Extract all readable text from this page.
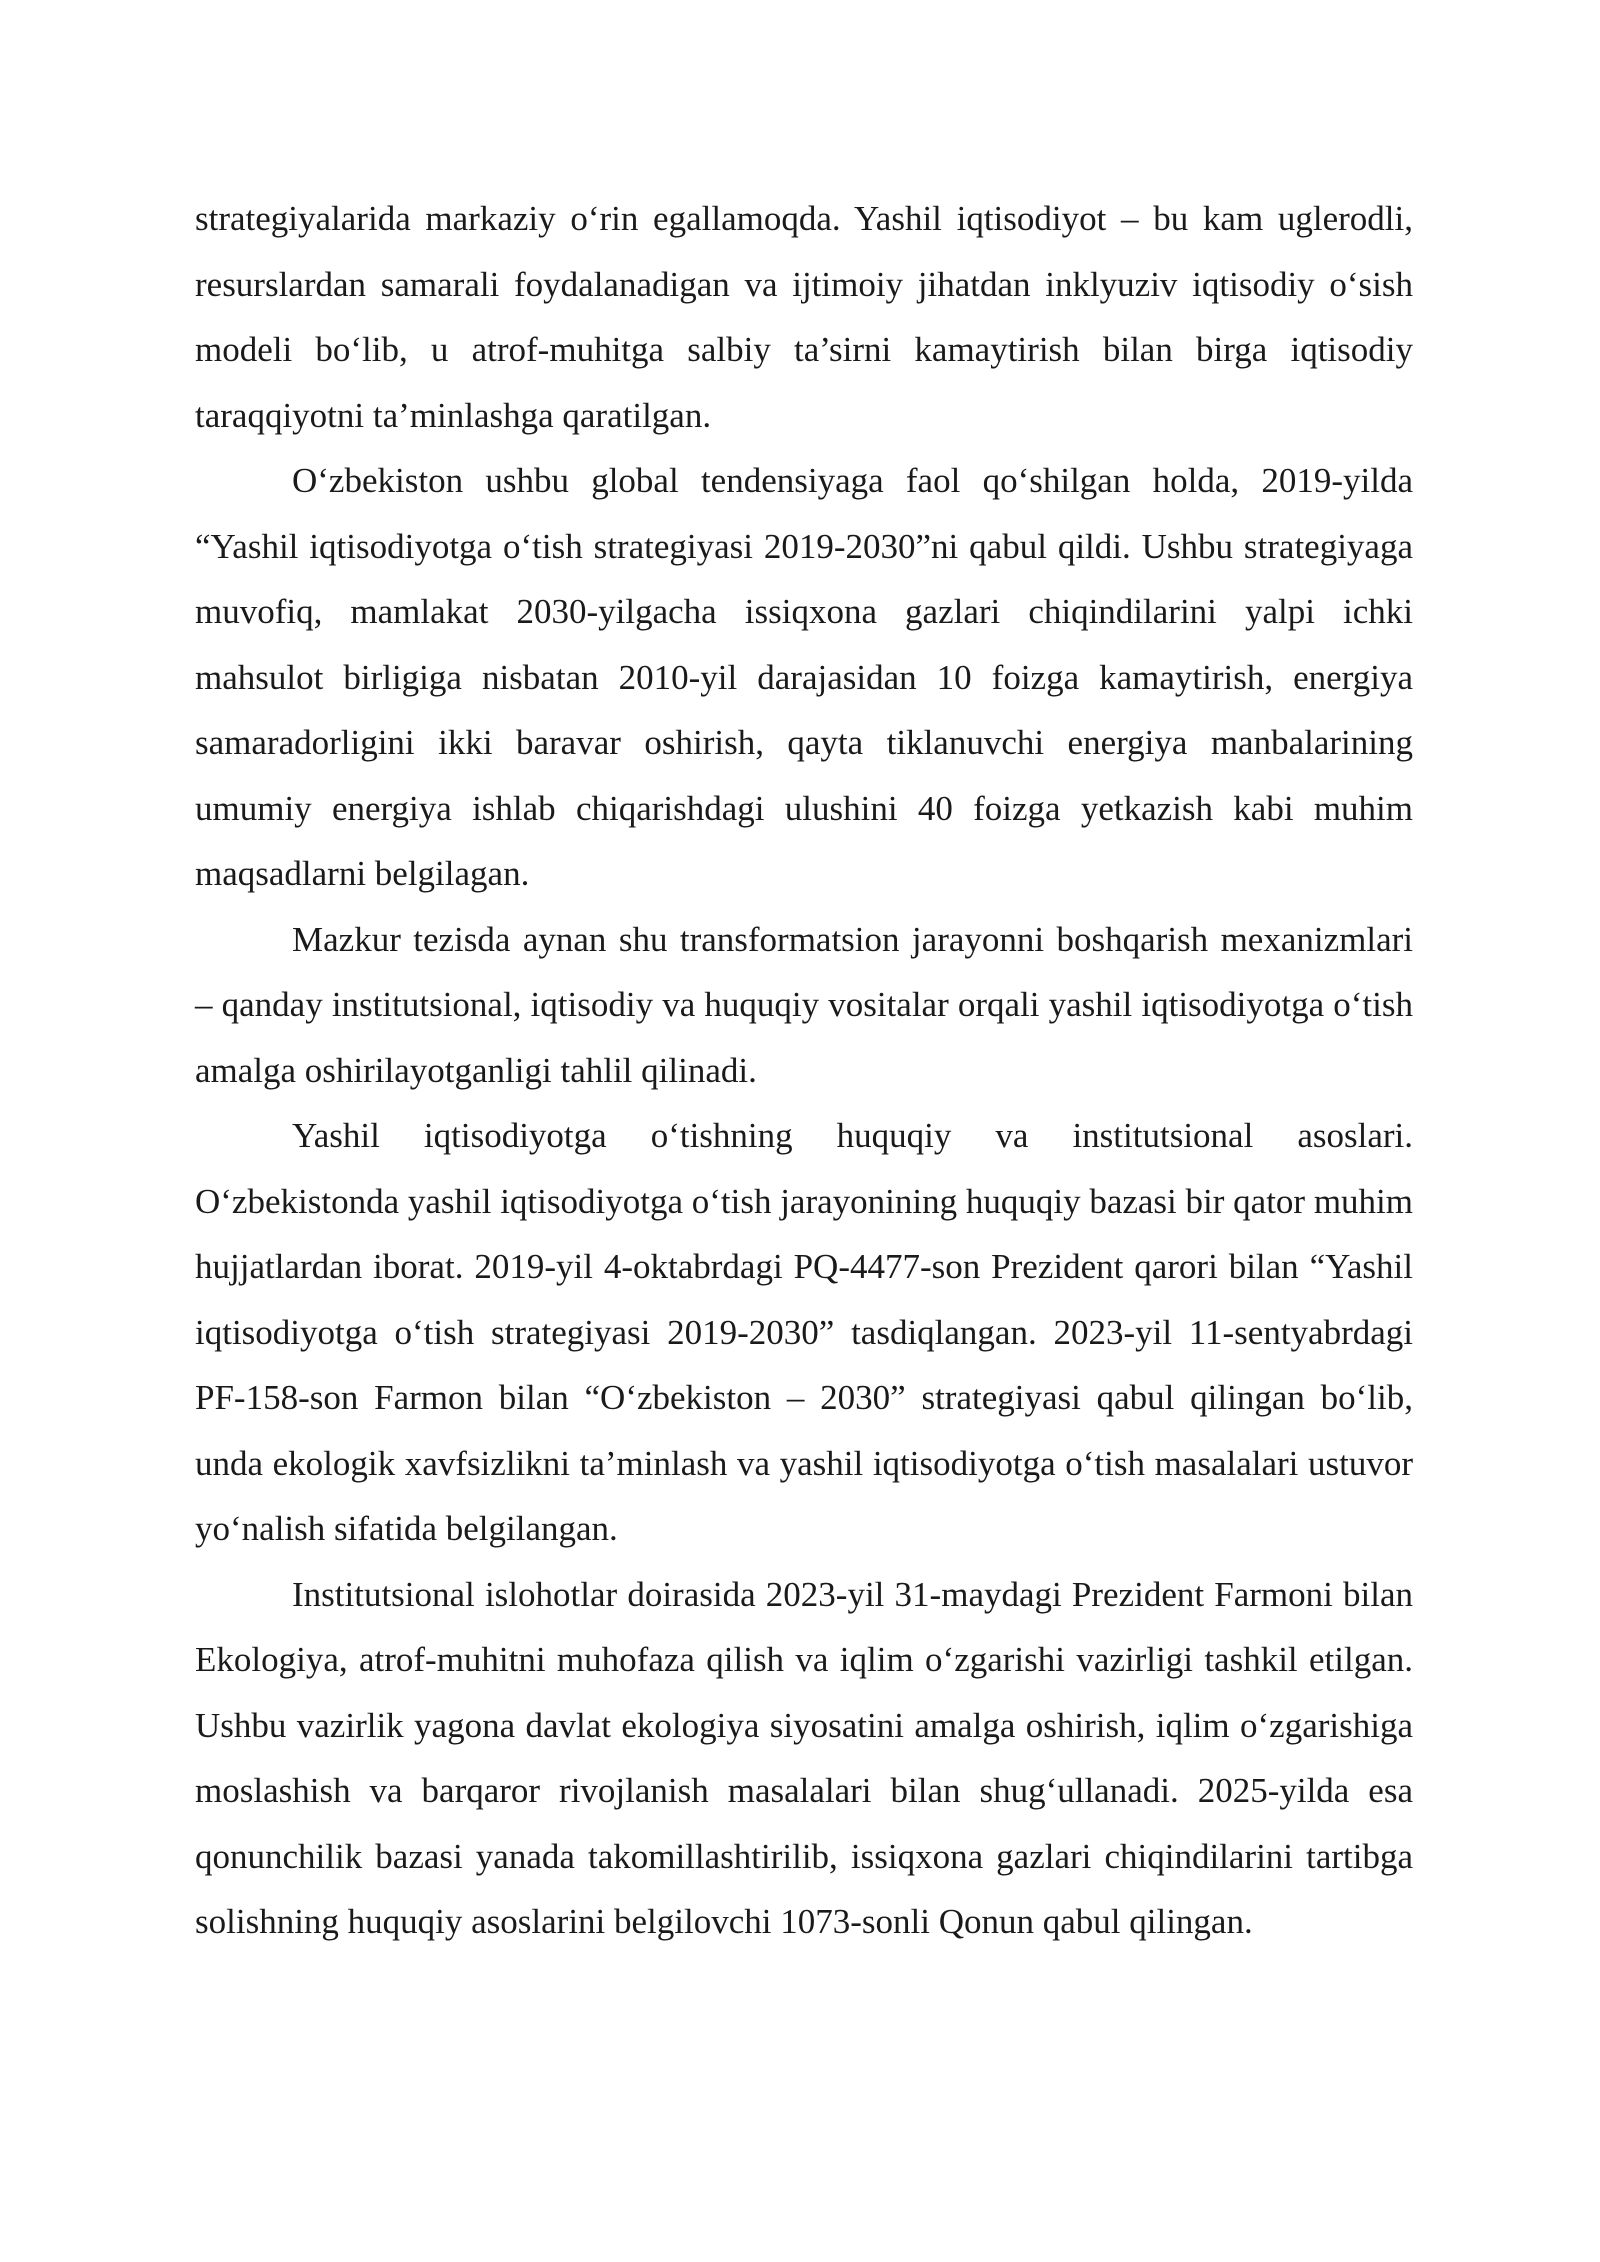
strategiyalarida markaziy o‘rin egallamoqda. Yashil iqtisodiyot – bu kam uglerodli, resurslardan samarali foydalanadigan va ijtimoiy jihatdan inklyuziv iqtisodiy o‘sish modeli bo‘lib, u atrof-muhitga salbiy ta’sirni kamaytirish bilan birga iqtisodiy taraqqiyotni ta’minlashga qaratilgan.

O‘zbekiston ushbu global tendensiyaga faol qo‘shilgan holda, 2019-yilda “Yashil iqtisodiyotga o‘tish strategiyasi 2019-2030”ni qabul qildi. Ushbu strategiyaga muvofiq, mamlakat 2030-yilgacha issiqxona gazlari chiqindilarini yalpi ichki mahsulot birligiga nisbatan 2010-yil darajasidan 10 foizga kamaytirish, energiya samaradorligini ikki baravar oshirish, qayta tiklanuvchi energiya manbalarining umumiy energiya ishlab chiqarishdagi ulushini 40 foizga yetkazish kabi muhim maqsadlarni belgilagan.

Mazkur tezisda aynan shu transformatsion jarayonni boshqarish mexanizmlari – qanday institutsional, iqtisodiy va huquqiy vositalar orqali yashil iqtisodiyotga o‘tish amalga oshirilayotganligi tahlil qilinadi.

Yashil iqtisodiyotga o‘tishning huquqiy va institutsional asoslari. O‘zbekistonda yashil iqtisodiyotga o‘tish jarayonining huquqiy bazasi bir qator muhim hujjatlardan iborat. 2019-yil 4-oktabrdagi PQ-4477-son Prezident qarori bilan “Yashil iqtisodiyotga o‘tish strategiyasi 2019-2030” tasdiqlangan. 2023-yil 11-sentyabrdagi PF-158-son Farmon bilan “O‘zbekiston – 2030” strategiyasi qabul qilingan bo‘lib, unda ekologik xavfsizlikni ta’minlash va yashil iqtisodiyotga o‘tish masalalari ustuvor yo‘nalish sifatida belgilangan.

Institutsional islohotlar doirasida 2023-yil 31-maydagi Prezident Farmoni bilan Ekologiya, atrof-muhitni muhofaza qilish va iqlim o‘zgarishi vazirligi tashkil etilgan. Ushbu vazirlik yagona davlat ekologiya siyosatini amalga oshirish, iqlim o‘zgarishiga moslashish va barqaror rivojlanish masalalari bilan shug‘ullanadi. 2025-yilda esa qonunchilik bazasi yanada takomillashtirilib, issiqxona gazlari chiqindilarini tartibga solishning huquqiy asoslarini belgilovchi 1073-sonli Qonun qabul qilingan.
